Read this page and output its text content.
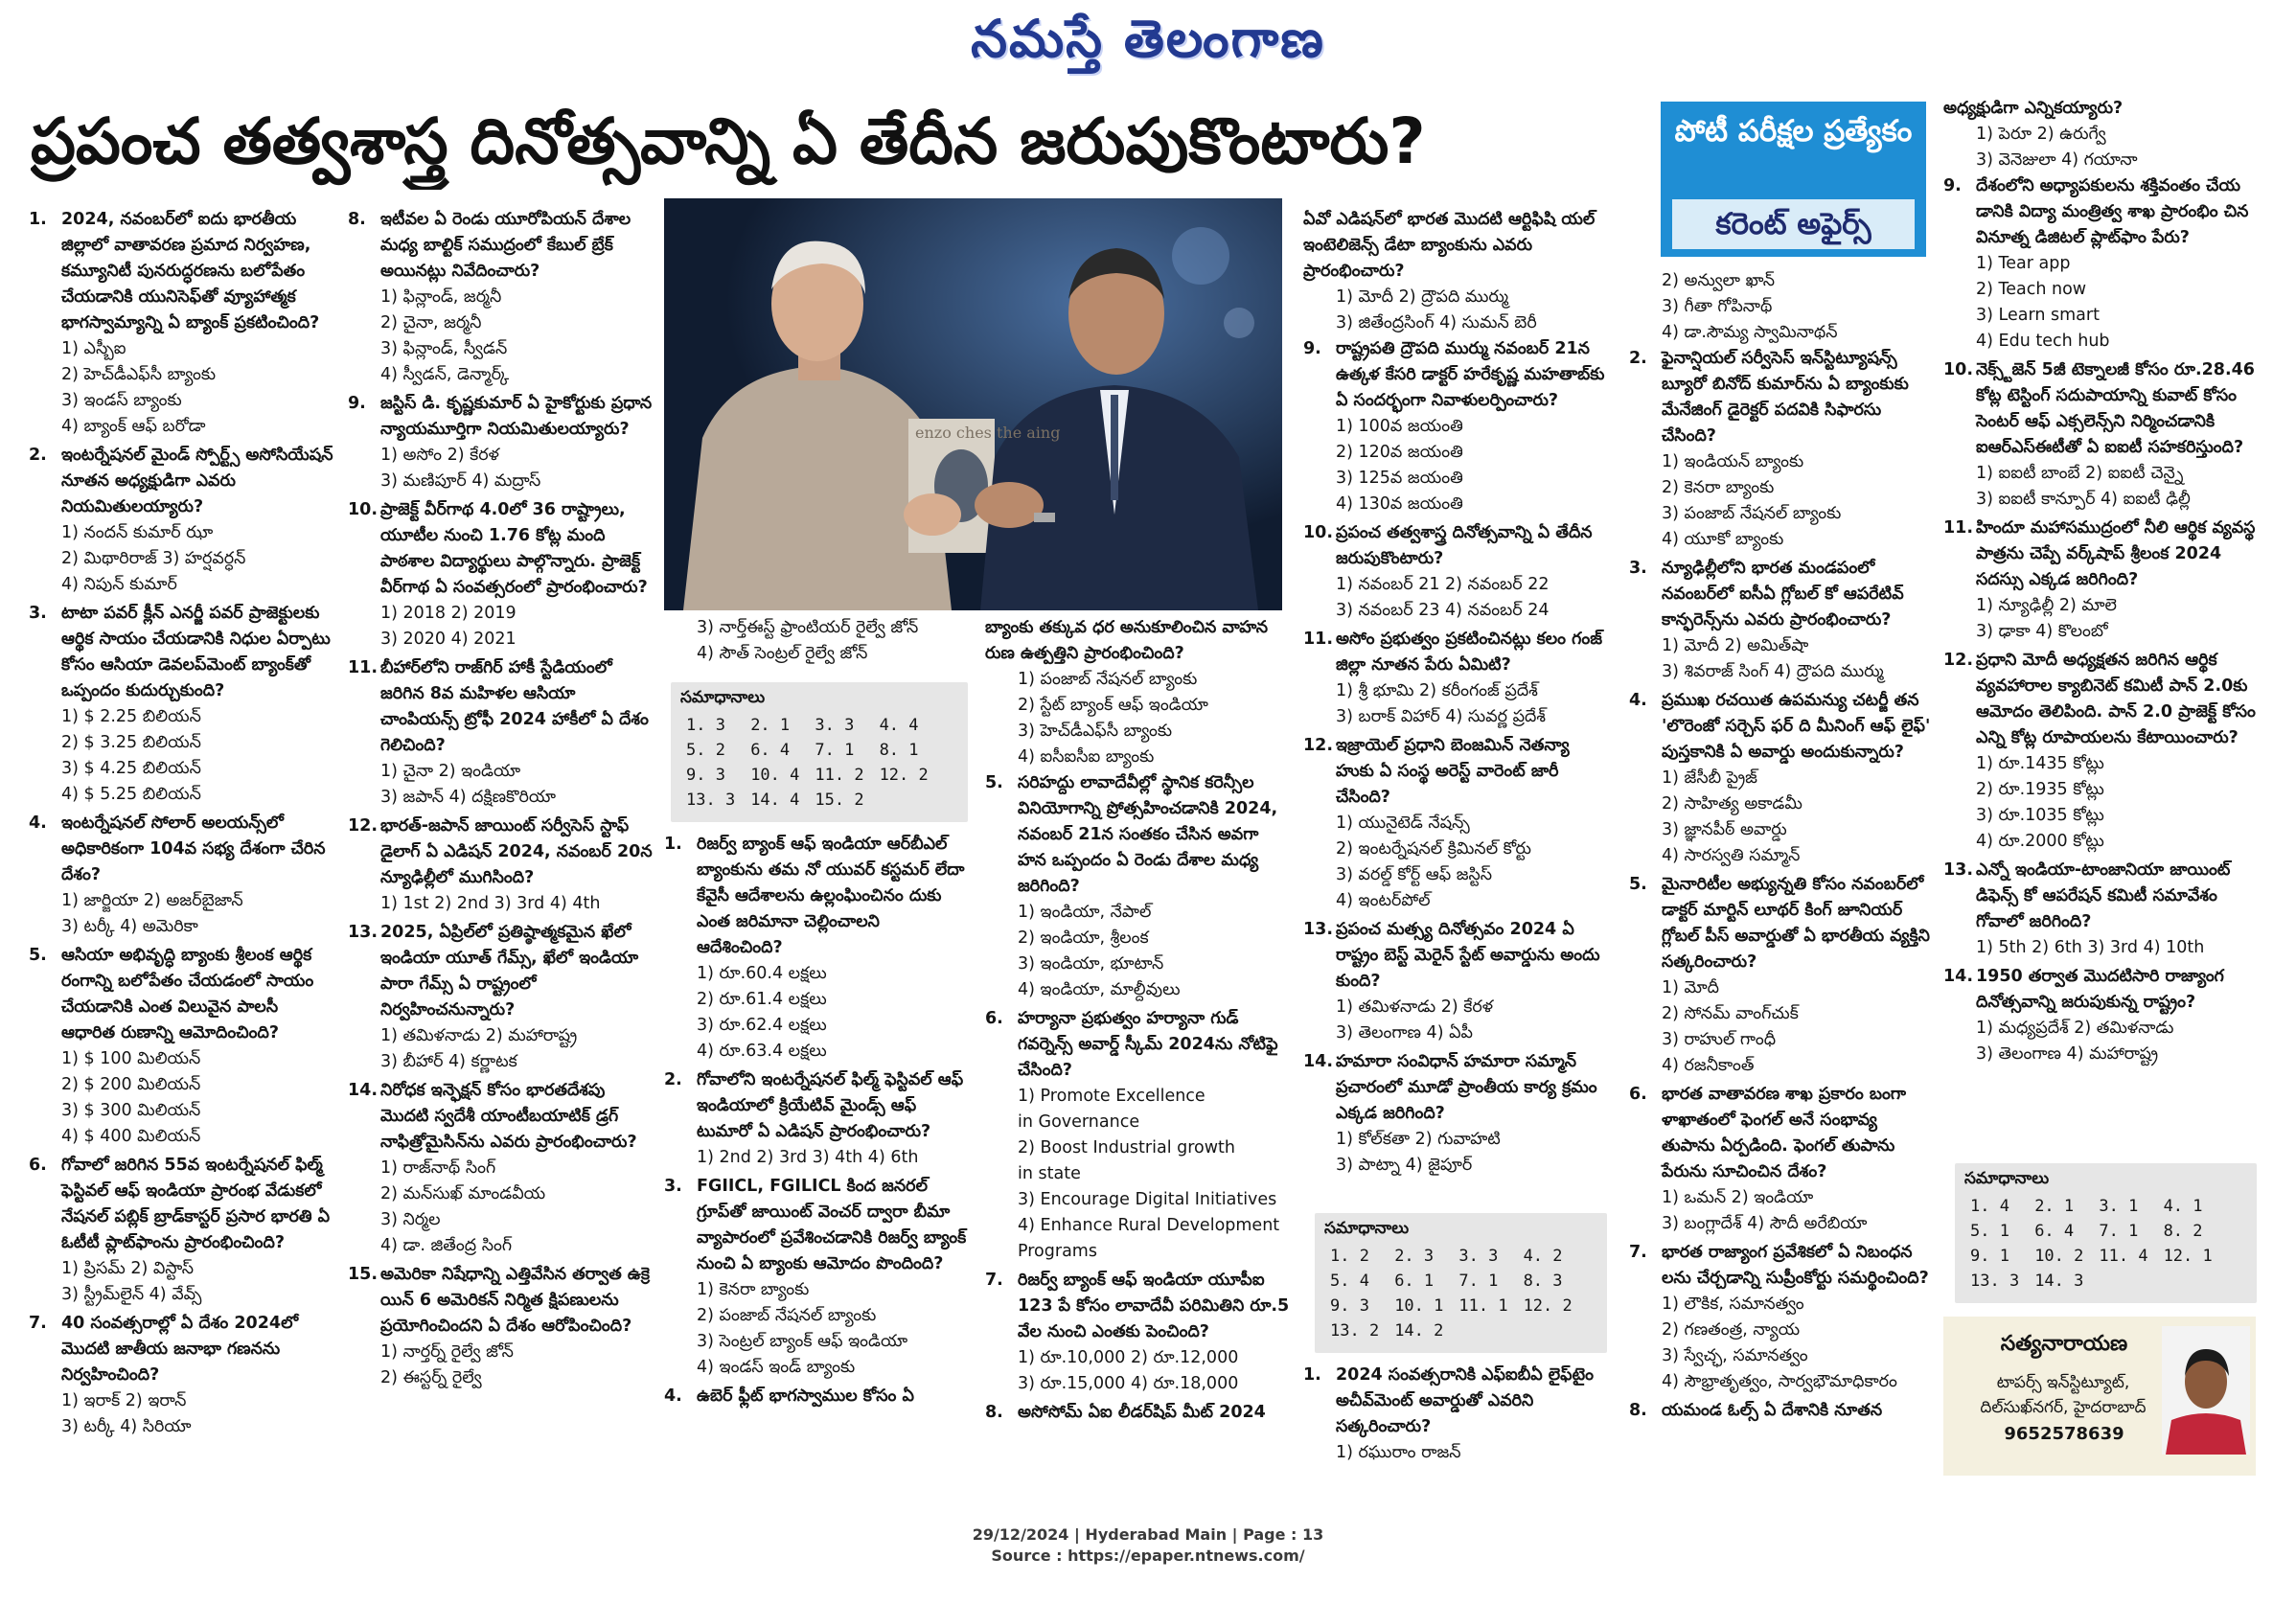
నమస్తే తెలంగాణ
ప్రపంచ తత్వశాస్త్ర దినోత్సవాన్ని ఏ తేదీన జరుపుకొంటారు?
enzo ches the aing
పోటీ పరీక్షల ప్రత్యేకం
కరెంట్ అఫైర్స్
1. 2024, నవంబర్‌లో ఐదు భారతీయ జిల్లాలో వాతావరణ ప్రమాద నిర్వహణ, కమ్యూనిటీ పునరుద్ధరణను బలోపేతం చేయడానికి యునిసెఫ్‌తో వ్యూహాత్మక భాగస్వామ్యాన్ని ఏ బ్యాంక్ ప్రకటించింది?
1) ఎస్బీఐ
2) హెచ్‌డీఎఫ్‌సీ బ్యాంకు
3) ఇండస్ బ్యాంకు
4) బ్యాంక్ ఆఫ్ బరోడా
2. ఇంటర్నేషనల్ మైండ్ స్పోర్ట్స్ అసోసియేషన్ నూతన అధ్యక్షుడిగా ఎవరు నియమితులయ్యారు?
1) నందన్ కుమార్ ఝా
2) మిథారిరాజ్ 3) హర్షవర్ధన్
4) నిపున్ కుమార్
3. టాటా పవర్ క్లీన్ ఎనర్జీ పవర్ ప్రాజెక్టులకు ఆర్థిక సాయం చేయడానికి నిధుల ఏర్పాటు కోసం ఆసియా డెవలప్‌మెంట్ బ్యాంక్‌తో ఒప్పందం కుదుర్చుకుంది?
1) $ 2.25 బిలియన్
2) $ 3.25 బిలియన్
3) $ 4.25 బిలియన్
4) $ 5.25 బిలియన్
4. ఇంటర్నేషనల్ సోలార్ అలయన్స్‌లో అధికారికంగా 104వ సభ్య దేశంగా చేరిన దేశం?
1) జార్జియా 2) అజర్‌బైజాన్
3) టర్కీ 4) అమెరికా
5. ఆసియా అభివృద్ధి బ్యాంకు శ్రీలంక ఆర్థిక రంగాన్ని బలోపేతం చేయడంలో సాయం చేయడానికి ఎంత విలువైన పాలసీ ఆధారిత రుణాన్ని ఆమోదించింది?
1) $ 100 మిలియన్
2) $ 200 మిలియన్
3) $ 300 మిలియన్
4) $ 400 మిలియన్
6. గోవాలో జరిగిన 55వ ఇంటర్నేషనల్ ఫిల్మ్ ఫెస్టివల్ ఆఫ్ ఇండియా ప్రారంభ వేడుకలో నేషనల్ పబ్లిక్ బ్రాడ్‌కాస్టర్ ప్రసార భారతి ఏ ఓటీటీ ప్లాట్‌ఫాంను ప్రారంభించింది?
1) ప్రిసమ్ 2) విస్టాస్
3) స్ట్రీమ్‌లైన్ 4) వేవ్స్
7. 40 సంవత్సరాల్లో ఏ దేశం 2024లో మొదటి జాతీయ జనాభా గణనను నిర్వహించింది?
1) ఇరాక్ 2) ఇరాన్
3) టర్కీ 4) సిరియా
8. ఇటీవల ఏ రెండు యూరోపియన్ దేశాల మధ్య బాల్టిక్ సముద్రంలో కేబుల్ బ్రేక్ అయినట్లు నివేదించారు?
1) ఫిన్లాండ్, జర్మనీ
2) చైనా, జర్మనీ
3) ఫిన్లాండ్, స్వీడన్
4) స్వీడన్, డెన్మార్క్
9. జస్టిస్ డి. కృష్ణకుమార్ ఏ హైకోర్టుకు ప్రధాన న్యాయమూర్తిగా నియమితులయ్యారు?
1) అసోం 2) కేరళ
3) మణిపూర్ 4) మద్రాస్
10. ప్రాజెక్ట్ వీర్‌గాథ 4.0లో 36 రాష్ట్రాలు, యూటీల నుంచి 1.76 కోట్ల మంది పాఠశాల విద్యార్థులు పాల్గొన్నారు. ప్రాజెక్ట్ వీర్‌గాథ ఏ సంవత్సరంలో ప్రారంభించారు?
1) 2018 2) 2019
3) 2020 4) 2021
11. బీహార్‌లోని రాజ్‌గిర్ హాకీ స్టేడియంలో జరిగిన 8వ మహిళల ఆసియా చాంపియన్స్ ట్రోఫీ 2024 హాకీలో ఏ దేశం గెలిచింది?
1) చైనా 2) ఇండియా
3) జపాన్ 4) దక్షిణకొరియా
12. భారత్-జపాన్ జాయింట్ సర్వీసెస్ స్టాఫ్ డైలాగ్ ఏ ఎడిషన్ 2024, నవంబర్ 20న న్యూఢిల్లీలో ముగిసింది?
1) 1st 2) 2nd 3) 3rd 4) 4th
13. 2025, ఏప్రిల్‌లో ప్రతిష్ఠాత్మకమైన ఖేలో ఇండియా యూత్ గేమ్స్, ఖేలో ఇండియా పారా గేమ్స్ ఏ రాష్ట్రంలో నిర్వహించనున్నారు?
1) తమిళనాడు 2) మహారాష్ట్ర
3) బీహార్ 4) కర్ణాటక
14. నిరోధక ఇన్ఫెక్షన్ కోసం భారతదేశపు మొదటి స్వదేశీ యాంటీబయాటిక్ డ్రగ్ నాఫిత్రోమైసిన్‌ను ఎవరు ప్రారంభించారు?
1) రాజ్‌నాథ్ సింగ్
2) మన్‌సుఖ్ మాండవీయ
3) నిర్మల
4) డా. జితేంద్ర సింగ్
15. అమెరికా నిషేధాన్ని ఎత్తివేసిన తర్వాత ఉక్రె యిన్ 6 అమెరికన్ నిర్మిత క్షిపణులను ప్రయోగించిందని ఏ దేశం ఆరోపించింది?
1) నార్తర్న్ రైల్వే జోన్
2) ఈస్టర్న్ రైల్వే
3) నార్త్‌ఈస్ట్ ఫ్రాంటియర్ రైల్వే జోన్
4) సౌత్ సెంట్రల్ రైల్వే జోన్
సమాధానాలు
1. 3	2. 1	3. 3	4. 4
5. 2	6. 4	7. 1	8. 1
9. 3	10. 4	11. 2	12. 2
13. 3	14. 4	15. 2	
1. రిజర్వ్ బ్యాంక్ ఆఫ్ ఇండియా ఆర్‌బీఎల్ బ్యాంకును తమ నో యువర్ కస్టమర్ లేదా కేవైసీ ఆదేశాలను ఉల్లంఘించినం దుకు ఎంత జరిమానా చెల్లించాలని ఆదేశించింది?
1) రూ.60.4 లక్షలు
2) రూ.61.4 లక్షలు
3) రూ.62.4 లక్షలు
4) రూ.63.4 లక్షలు
2. గోవాలోని ఇంటర్నేషనల్ ఫిల్మ్ ఫెస్టివల్ ఆఫ్ ఇండియాలో క్రియేటివ్ మైండ్స్ ఆఫ్ టుమారో ఏ ఎడిషన్ ప్రారంభించారు?
1) 2nd 2) 3rd 3) 4th 4) 6th
3. FGIICL, FGILICL కింద జనరల్ గ్రూప్‌తో జాయింట్ వెంచర్ ద్వారా బీమా వ్యాపారంలో ప్రవేశించడానికి రిజర్వ్ బ్యాంక్ నుంచి ఏ బ్యాంకు ఆమోదం పొందింది?
1) కెనరా బ్యాంకు
2) పంజాబ్ నేషనల్ బ్యాంకు
3) సెంట్రల్ బ్యాంక్ ఆఫ్ ఇండియా
4) ఇండస్ ఇండ్ బ్యాంకు
4. ఉబెర్ ఫ్లీట్ భాగస్వాముల కోసం ఏ
బ్యాంకు తక్కువ ధర అనుకూలించిన వాహన రుణ ఉత్పత్తిని ప్రారంభించింది?
1) పంజాబ్ నేషనల్ బ్యాంకు
2) స్టేట్ బ్యాంక్ ఆఫ్ ఇండియా
3) హెచ్‌డీఎఫ్‌సీ బ్యాంకు
4) ఐసీఐసీఐ బ్యాంకు
5. సరిహద్దు లావాదేవీల్లో స్థానిక కరెన్సీల వినియోగాన్ని ప్రోత్సహించడానికి 2024, నవంబర్ 21న సంతకం చేసిన అవగా హన ఒప్పందం ఏ రెండు దేశాల మధ్య జరిగింది?
1) ఇండియా, నేపాల్
2) ఇండియా, శ్రీలంక
3) ఇండియా, భూటాన్
4) ఇండియా, మాల్దీవులు
6. హర్యానా ప్రభుత్వం హర్యానా గుడ్ గవర్నెన్స్ అవార్డ్ స్కీమ్ 2024ను నోటిఫై చేసింది?
1) Promote Excellence
in Governance
2) Boost Industrial growth
in state
3) Encourage Digital Initiatives
4) Enhance Rural Development
Programs
7. రిజర్వ్ బ్యాంక్ ఆఫ్ ఇండియా యూపీఐ 123 పే కోసం లావాదేవీ పరిమితిని రూ.5 వేల నుంచి ఎంతకు పెంచింది?
1) రూ.10,000 2) రూ.12,000
3) రూ.15,000 4) రూ.18,000
8. అసోసోమ్ ఏఐ లీడర్‌షిప్ మీట్ 2024
ఏవో ఎడిషన్‌లో భారత మొదటి ఆర్టిఫిషి యల్ ఇంటెలిజెన్స్ డేటా బ్యాంకును ఎవరు ప్రారంభించారు?
1) మోదీ 2) ద్రౌపది ముర్ము
3) జితేంద్రసింగ్ 4) సుమన్ బెరీ
9. రాష్ట్రపతి ద్రౌపది ముర్ము నవంబర్ 21న ఉత్కళ కేసరి డాక్టర్ హరేకృష్ణ మహతాబ్‌కు ఏ సందర్భంగా నివాళులర్పించారు?
1) 100వ జయంతి
2) 120వ జయంతి
3) 125వ జయంతి
4) 130వ జయంతి
10. ప్రపంచ తత్వశాస్త్ర దినోత్సవాన్ని ఏ తేదీన జరుపుకొంటారు?
1) నవంబర్ 21 2) నవంబర్ 22
3) నవంబర్ 23 4) నవంబర్ 24
11. అసోం ప్రభుత్వం ప్రకటించినట్లు కలం గంజ్ జిల్లా నూతన పేరు ఏమిటి?
1) శ్రీ భూమి 2) కరీంగంజ్ ప్రదేశ్
3) బరాక్ విహార్ 4) సువర్ణ ప్రదేశ్
12. ఇజ్రాయెల్ ప్రధాని బెంజమిన్ నెతన్యా హుకు ఏ సంస్థ అరెస్ట్ వారెంట్ జారీ చేసింది?
1) యునైటెడ్ నేషన్స్
2) ఇంటర్నేషనల్ క్రిమినల్ కోర్టు
3) వరల్డ్ కోర్ట్ ఆఫ్ జస్టిస్
4) ఇంటర్‌పోల్
13. ప్రపంచ మత్స్య దినోత్సవం 2024 ఏ రాష్ట్రం బెస్ట్ మెరైన్ స్టేట్ అవార్డును అందు కుంది?
1) తమిళనాడు 2) కేరళ
3) తెలంగాణ 4) ఏపీ
14. హమారా సంవిధాన్ హమారా సమ్మాన్ ప్రచారంలో మూడో ప్రాంతీయ కార్య క్రమం ఎక్కడ జరిగింది?
1) కోల్‌కతా 2) గువాహటి
3) పాట్నా 4) జైపూర్
సమాధానాలు
1. 2	2. 3	3. 3	4. 2
5. 4	6. 1	7. 1	8. 3
9. 3	10. 1	11. 1	12. 2
13. 2	14. 2		
1. 2024 సంవత్సరానికి ఎఫ్‌ఐబీఏ లైఫ్‌టైం అచీవ్‌మెంట్ అవార్డుతో ఎవరిని సత్కరించారు?
1) రఘురాం రాజన్
2) అన్వులా ఖాన్
3) గీతా గోపినాథ్
4) డా.సౌమ్య స్వామినాథన్
2. ఫైనాన్షియల్ సర్వీసెస్ ఇన్‌స్టిట్యూషన్స్ బ్యూరో బినోద్ కుమార్‌ను ఏ బ్యాంకుకు మేనేజింగ్ డైరెక్టర్ పదవికి సిఫారసు చేసింది?
1) ఇండియన్ బ్యాంకు
2) కెనరా బ్యాంకు
3) పంజాబ్ నేషనల్ బ్యాంకు
4) యూకో బ్యాంకు
3. న్యూఢిల్లీలోని భారత మండపంలో నవంబర్‌లో ఐసీఏ గ్లోబల్ కో ఆపరేటివ్ కాన్ఫరెన్స్‌ను ఎవరు ప్రారంభించారు?
1) మోదీ 2) అమిత్‌షా
3) శివరాజ్ సింగ్ 4) ద్రౌపది ముర్ము
4. ప్రముఖ రచయిత ఉపమన్యు చటర్జీ తన 'లొరెంజో సర్చెస్ ఫర్ ది మీనింగ్ ఆఫ్ లైఫ్' పుస్తకానికి ఏ అవార్డు అందుకున్నారు?
1) జేసీబీ ప్రైజ్
2) సాహిత్య అకాడమీ
3) జ్ఞానపీఠ్ అవార్డు
4) సారస్వతి సమ్మాన్
5. మైనారిటీల అభ్యున్నతి కోసం నవంబర్‌లో డాక్టర్ మార్టిన్ లూథర్ కింగ్ జూనియర్ గ్లోబల్ పీస్ అవార్డుతో ఏ భారతీయ వ్యక్తిని సత్కరించారు?
1) మోదీ
2) సోనమ్ వాంగ్‌చుక్
3) రాహుల్ గాంధీ
4) రజనీకాంత్
6. భారత వాతావరణ శాఖ ప్రకారం బంగా ళాఖాతంలో ఫెంగల్ అనే సంభావ్య తుపాను ఏర్పడింది. ఫెంగల్ తుపాను పేరును సూచించిన దేశం?
1) ఒమన్ 2) ఇండియా
3) బంగ్లాదేశ్ 4) సౌదీ అరేబియా
7. భారత రాజ్యాంగ ప్రవేశికలో ఏ నిబంధన లను చేర్చడాన్ని సుప్రీంకోర్టు సమర్థించింది?
1) లౌకిక, సమానత్వం
2) గణతంత్ర, న్యాయ
3) స్వేచ్ఛ, సమానత్వం
4) సౌభ్రాతృత్వం, సార్వభౌమాధికారం
8. యమండ ఓల్స్ ఏ దేశానికి నూతన
అధ్యక్షుడిగా ఎన్నికయ్యారు?
1) పెరూ 2) ఉరుగ్వే
3) వెనెజులా 4) గయానా
9. దేశంలోని అధ్యాపకులను శక్తివంతం చేయ డానికి విద్యా మంత్రిత్వ శాఖ ప్రారంభిం చిన వినూత్న డిజిటల్ ప్లాట్‌ఫాం పేరు?
1) Tear app
2) Teach now
3) Learn smart
4) Edu tech hub
10. నెక్స్ట్‌జెన్ 5జీ టెక్నాలజీ కోసం రూ.28.46 కోట్ల టెస్టింగ్ సదుపాయాన్ని కువాట్ కోసం సెంటర్ ఆఫ్ ఎక్సలెన్స్‌ని నిర్మించడానికి ఐఆర్‌ఎస్‌ఈటీతో ఏ ఐఐటీ సహకరిస్తుంది?
1) ఐఐటీ బాంబే 2) ఐఐటీ చెన్నై
3) ఐఐటీ కాన్పూర్ 4) ఐఐటీ ఢిల్లీ
11. హిందూ మహాసముద్రంలో నీలి ఆర్థిక వ్యవస్థ పాత్రను చెప్పే వర్క్‌షాప్ శ్రీలంక 2024 సదస్సు ఎక్కడ జరిగింది?
1) న్యూఢిల్లీ 2) మాలె
3) ఢాకా 4) కొలంబో
12. ప్రధాని మోదీ అధ్యక్షతన జరిగిన ఆర్థిక వ్యవహారాల క్యాబినెట్ కమిటీ పాన్ 2.0కు ఆమోదం తెలిపింది. పాన్ 2.0 ప్రాజెక్ట్ కోసం ఎన్ని కోట్ల రూపాయలను కేటాయించారు?
1) రూ.1435 కోట్లు
2) రూ.1935 కోట్లు
3) రూ.1035 కోట్లు
4) రూ.2000 కోట్లు
13. ఎన్నో ఇండియా-టాంజానియా జాయింట్ డిఫెన్స్ కో ఆపరేషన్ కమిటీ సమావేశం గోవాలో జరిగింది?
1) 5th 2) 6th 3) 3rd 4) 10th
14. 1950 తర్వాత మొదటిసారి రాజ్యాంగ దినోత్సవాన్ని జరుపుకున్న రాష్ట్రం?
1) మధ్యప్రదేశ్ 2) తమిళనాడు
3) తెలంగాణ 4) మహారాష్ట్ర
సమాధానాలు
1. 4	2. 1	3. 1	4. 1
5. 1	6. 4	7. 1	8. 2
9. 1	10. 2	11. 4	12. 1
13. 3	14. 3		
సత్యనారాయణ
టాపర్స్ ఇన్‌స్టిట్యూట్,
దిల్‌సుఖ్‌నగర్, హైదరాబాద్
9652578639
29/12/2024 | Hyderabad Main | Page : 13
Source : https://epaper.ntnews.com/
